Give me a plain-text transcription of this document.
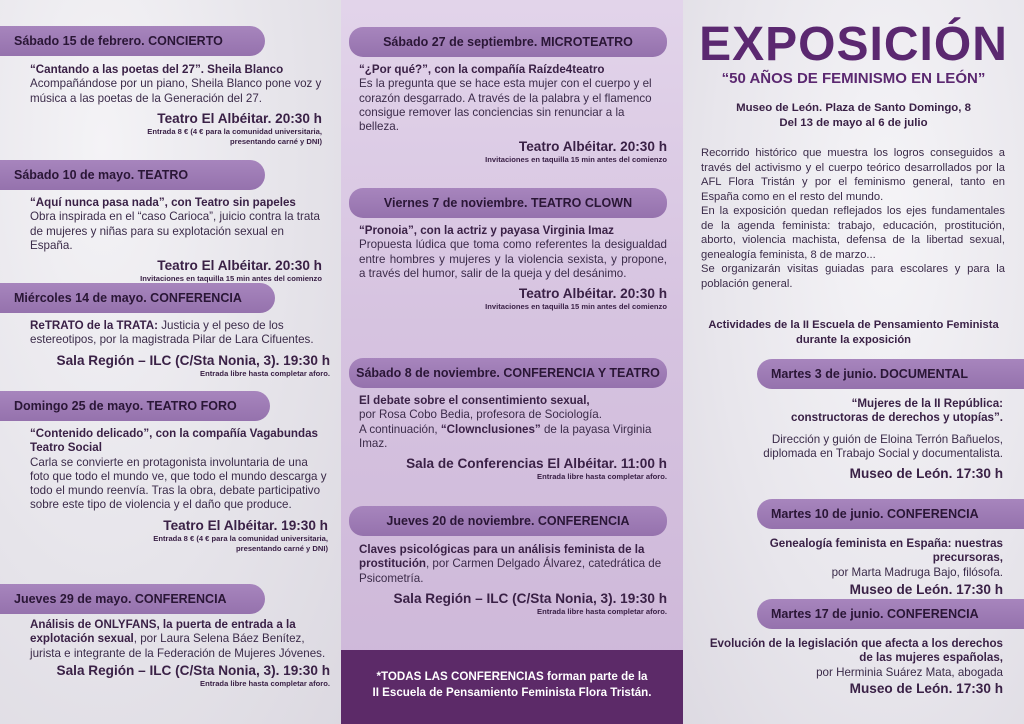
Sábado 15 de febrero. CONCIERTO
“Cantando a las poetas del 27”. Sheila Blanco
Acompañándose por un piano, Sheila Blanco pone voz y música a las poetas de la Generación del 27.
Teatro El Albéitar. 20:30 h
Entrada 8 € (4 € para la comunidad universitaria,
presentando carné y DNI)
Sábado 10 de mayo. TEATRO
“Aquí nunca pasa nada”, con Teatro sin papeles
Obra inspirada en el “caso Carioca”, juicio contra la trata de mujeres y niñas para su explotación sexual en España.
Teatro El Albéitar. 20:30 h
Invitaciones en taquilla 15 min antes del comienzo
Miércoles 14 de mayo. CONFERENCIA
ReTRATO de la TRATA: Justicia y el peso de los estereotipos, por la magistrada Pilar de Lara Cifuentes.
Sala Región – ILC (C/Sta Nonia, 3). 19:30 h
Entrada libre hasta completar aforo.
Domingo 25 de mayo. TEATRO FORO
“Contenido delicado”, con la compañía Vagabundas Teatro Social
Carla se convierte en protagonista involuntaria de una foto que todo el mundo ve, que todo el mundo descarga y todo el mundo reenvía. Tras la obra, debate participativo sobre este tipo de violencia y el daño que produce.
Teatro El Albéitar. 19:30 h
Entrada 8 € (4 € para la comunidad universitaria,
presentando carné y DNI)
Jueves 29 de mayo. CONFERENCIA
Análisis de ONLYFANS, la puerta de entrada a la explotación sexual, por Laura Selena Báez Benítez, jurista e integrante de la Federación de Mujeres Jóvenes.
Sala Región – ILC (C/Sta Nonia, 3). 19:30 h
Entrada libre hasta completar aforo.
Sábado 27 de septiembre. MICROTEATRO
“¿Por qué?”, con la compañía Raízde4teatro
Es la pregunta que se hace esta mujer con el cuerpo y el corazón desgarrado. A través de la palabra y el flamenco consigue remover las conciencias sin renunciar a la belleza.
Teatro Albéitar. 20:30 h
Invitaciones en taquilla 15 min antes del comienzo
Viernes 7 de noviembre. TEATRO CLOWN
“Pronoia”, con la actriz y payasa Virginia Imaz
Propuesta lúdica que toma como referentes la desigualdad entre hombres y mujeres y la violencia sexista, y propone, a través del humor, salir de la queja y del desánimo.
Teatro Albéitar. 20:30 h
Invitaciones en taquilla 15 min antes del comienzo
Sábado 8 de noviembre. CONFERENCIA Y TEATRO
El debate sobre el consentimiento sexual,
por Rosa Cobo Bedia, profesora de Sociología.
A continuación, “Clownclusiones” de la payasa Virginia Imaz.
Sala de Conferencias El Albéitar. 11:00 h
Entrada libre hasta completar aforo.
Jueves 20 de noviembre. CONFERENCIA
Claves psicológicas para un análisis feminista de la prostitución, por Carmen Delgado Álvarez, catedrática de Psicometría.
Sala Región – ILC (C/Sta Nonia, 3). 19:30 h
Entrada libre hasta completar aforo.
*TODAS LAS CONFERENCIAS forman parte de la
II Escuela de Pensamiento Feminista Flora Tristán.
EXPOSICIÓN
“50 AÑOS DE FEMINISMO EN LEÓN”
Museo de León. Plaza de Santo Domingo, 8
Del 13 de mayo al 6 de julio
Recorrido histórico que muestra los logros conseguidos a través del activismo y el cuerpo teórico desarrollados por la AFL Flora Tristán y por el feminismo general, tanto en España como en el resto del mundo.
En la exposición quedan reflejados los ejes fundamentales de la agenda feminista: trabajo, educación, prostitución, aborto, violencia machista, defensa de la libertad sexual, genealogía feminista, 8 de marzo...
Se organizarán visitas guiadas para escolares y para la población general.
Actividades de la II Escuela de Pensamiento Feminista
durante la exposición
Martes 3 de junio. DOCUMENTAL
“Mujeres de la II República:
constructoras de derechos y utopías”.
Dirección y guión de Eloina Terrón Bañuelos,
diplomada en Trabajo Social y documentalista.
Museo de León. 17:30 h
Martes 10 de junio. CONFERENCIA
Genealogía feminista en España: nuestras precursoras,
por Marta Madruga Bajo, filósofa.
Museo de León. 17:30 h
Martes 17 de junio. CONFERENCIA
Evolución de la legislación que afecta a los derechos
de las mujeres españolas,
por Herminia Suárez Mata, abogada
Museo de León. 17:30 h
